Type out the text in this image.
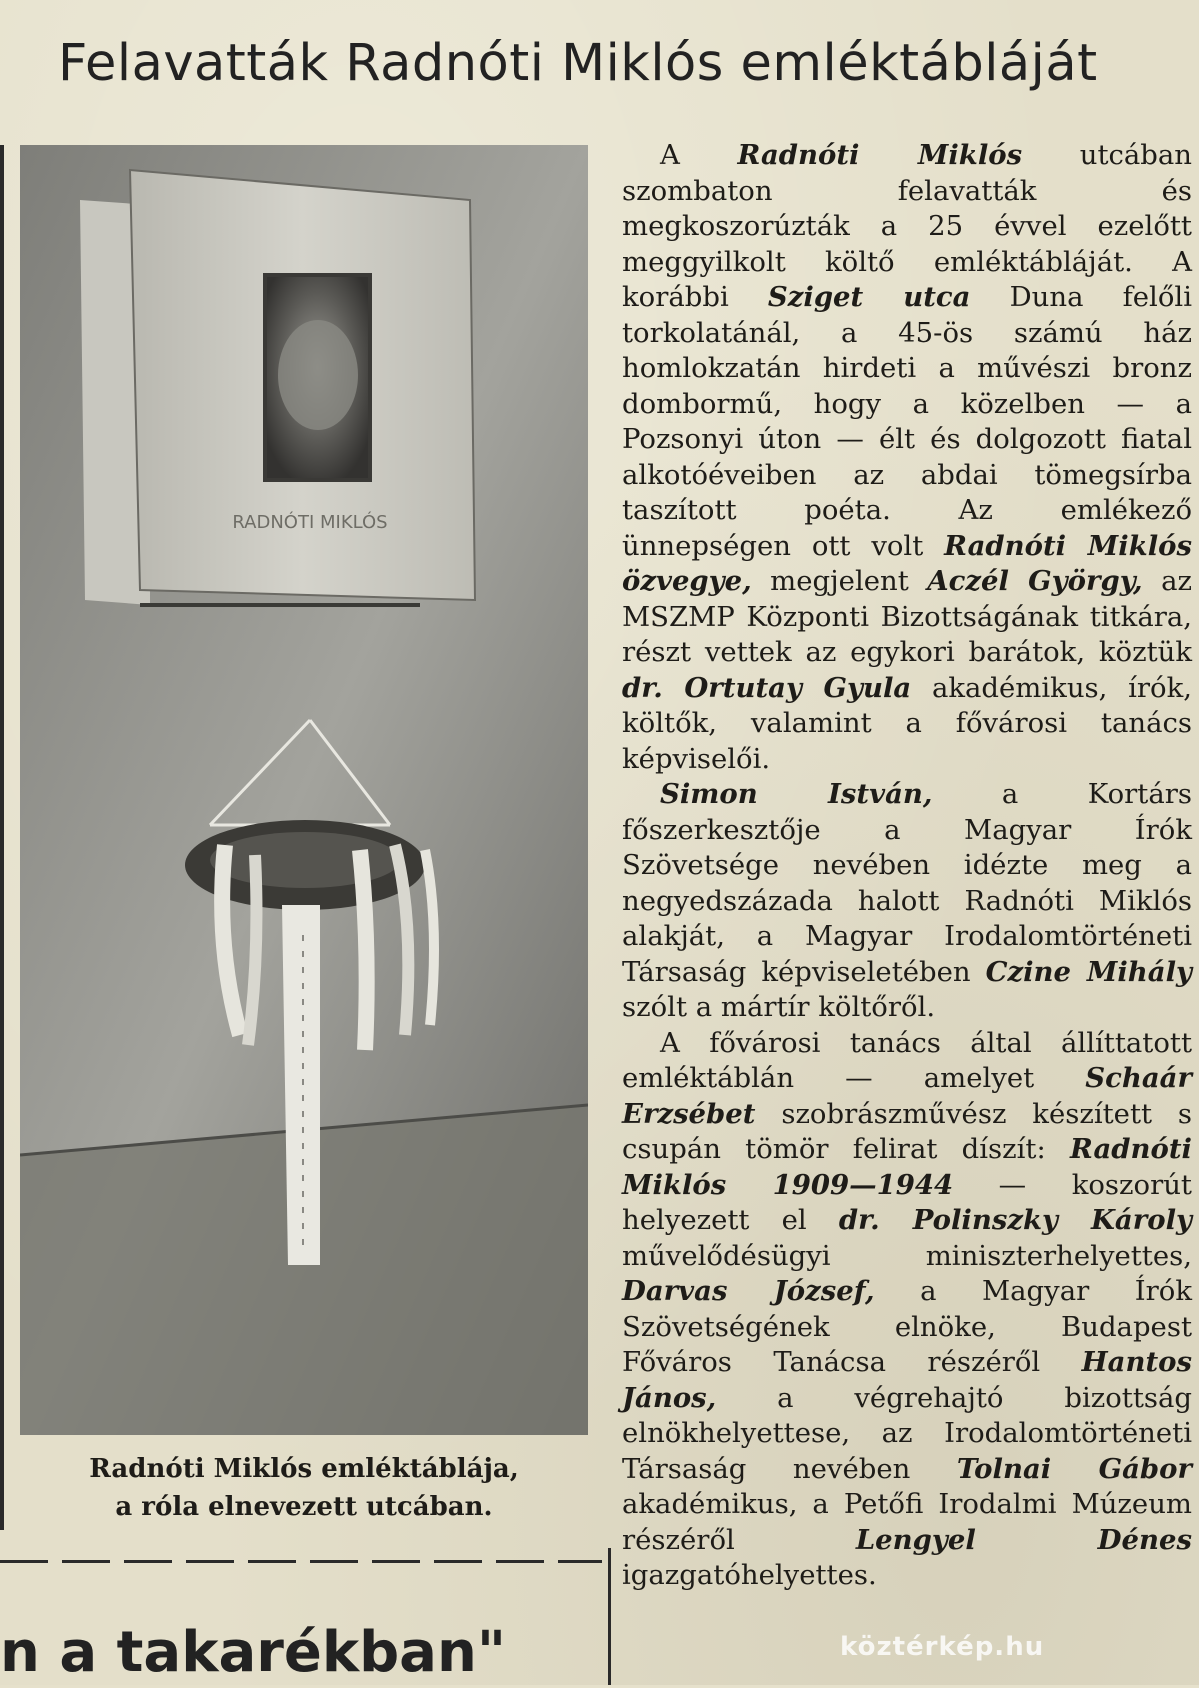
Felavatták Radnóti Miklós emléktábláját
RADNÓTI MIKLÓS
Radnóti Miklós emléktáblája,
a róla elnevezett utcában.
n a takarékban"

A Radnóti Miklós utcában szombaton felavatták és megkoszorúzták a 25 évvel ezelőtt meggyilkolt költő emléktábláját. A korábbi Sziget utca Duna felőli torkolatánál, a 45-ös számú ház homlokzatán hirdeti a művészi bronz dombormű, hogy a közelben — a Pozsonyi úton — élt és dolgozott fiatal alkotóéveiben az abdai tömegsírba taszított poéta. Az emlékező ünnepségen ott volt Radnóti Miklós özvegye, megjelent Aczél György, az MSZMP Központi Bizottságának titkára, részt vettek az egykori barátok, köztük dr. Ortutay Gyula akadémikus, írók, költők, valamint a fővárosi tanács képviselői.

Simon István, a Kortárs főszerkesztője a Magyar Írók Szövetsége nevében idézte meg a negyedszázada halott Radnóti Miklós alakját, a Magyar Irodalomtörténeti Társaság képviseletében Czine Mihály szólt a mártír költőről.

A fővárosi tanács által állíttatott emléktáblán — amelyet Schaár Erzsébet szobrászművész készített s csupán tömör felirat díszít: Radnóti Miklós 1909—1944 — koszorút helyezett el dr. Polinszky Károly művelődésügyi miniszterhelyettes, Darvas József, a Magyar Írók Szövetségének elnöke, Budapest Főváros Tanácsa részéről Hantos János, a végrehajtó bizottság elnökhelyettese, az Irodalomtörténeti Társaság nevében Tolnai Gábor akadémikus, a Petőfi Irodalmi Múzeum részéről Lengyel Dénes igazgatóhelyettes.

köztérkép.hu
